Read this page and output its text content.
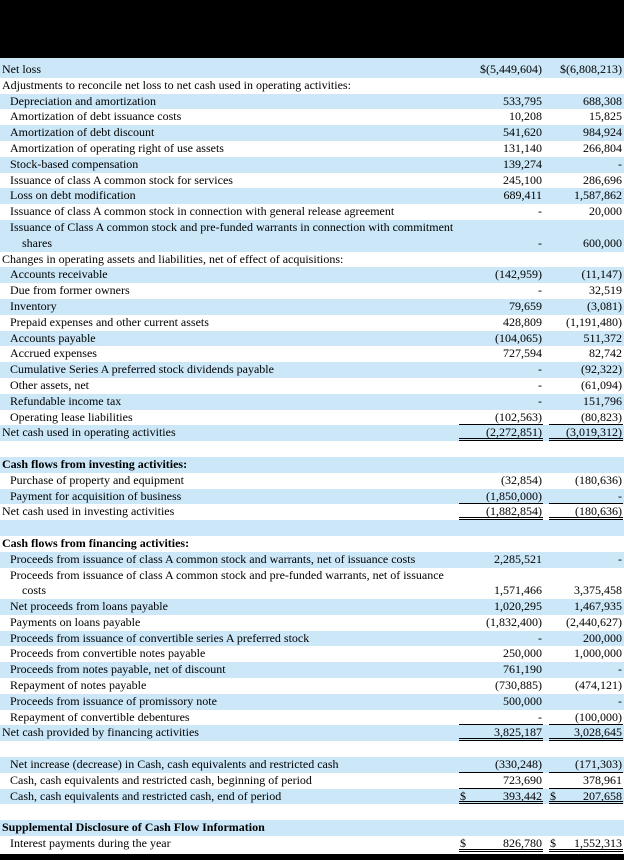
Net loss	$(5,449,604) $(6,808,213)
Adjustments to reconcile net loss to net cash used in operating activities:
Depreciation and amortization	533,795	688,308
Amortization of debt issuance costs	10,208	15,825
Amortization of debt discount	541,620	984,924
Amortization of operating right of use assets	131,140	266,804
Stock-based compensation	139,274	-
Issuance of class A common stock for services	245,100	286,696
Loss on debt modification	689,411	1,587,862
Issuance of class A common stock in connection with general release agreement	-	20,000
Issuance of Class A common stock and pre-funded warrants in connection with commitment shares	-	600,000
Changes in operating assets and liabilities, net of effect of acquisitions:
Accounts receivable	(142,959)	(11,147)
Due from former owners	-	32,519
Inventory	79,659	(3,081)
Prepaid expenses and other current assets	428,809 (1,191,480)
Accounts payable	(104,065)	511,372
Accrued expenses	727,594	82,742
Cumulative Series A preferred stock dividends payable	-	(92,322)
Other assets, net	-	(61,094)
Refundable income tax	-	151,796
Operating lease liabilities	(102,563)	(80,823)
Net cash used in operating activities	(2,272,851) (3,019,312)
Cash flows from investing activities:
Purchase of property and equipment	(32,854)	(180,636)
Payment for acquisition of business	(1,850,000)	-
Net cash used in investing activities	(1,882,854)	(180,636)
Cash flows from financing activities:
Proceeds from issuance of class A common stock and warrants, net of issuance costs	2,285,521	-
Proceeds from issuance of class A common stock and pre-funded warrants, net of issuance costs	1,571,466	3,375,458
Net proceeds from loans payable	1,020,295	1,467,935
Payments on loans payable	(1,832,400) (2,440,627)
Proceeds from issuance of convertible series A preferred stock	-	200,000
Proceeds from convertible notes payable	250,000	1,000,000
Proceeds from notes payable, net of discount	761,190	-
Repayment of notes payable	(730,885)	(474,121)
Proceeds from issuance of promissory note	500,000	-
Repayment of convertible debentures	-	(100,000)
Net cash provided by financing activities	3,825,187	3,028,645
Net increase (decrease) in Cash, cash equivalents and restricted cash	(330,248)	(171,303)
Cash, cash equivalents and restricted cash, beginning of period	723,690	378,961
Cash, cash equivalents and restricted cash, end of period	$	393,442 $ 207,658
Supplemental Disclosure of Cash Flow Information
Interest payments during the year	$	826,780 $ 1,552,313
